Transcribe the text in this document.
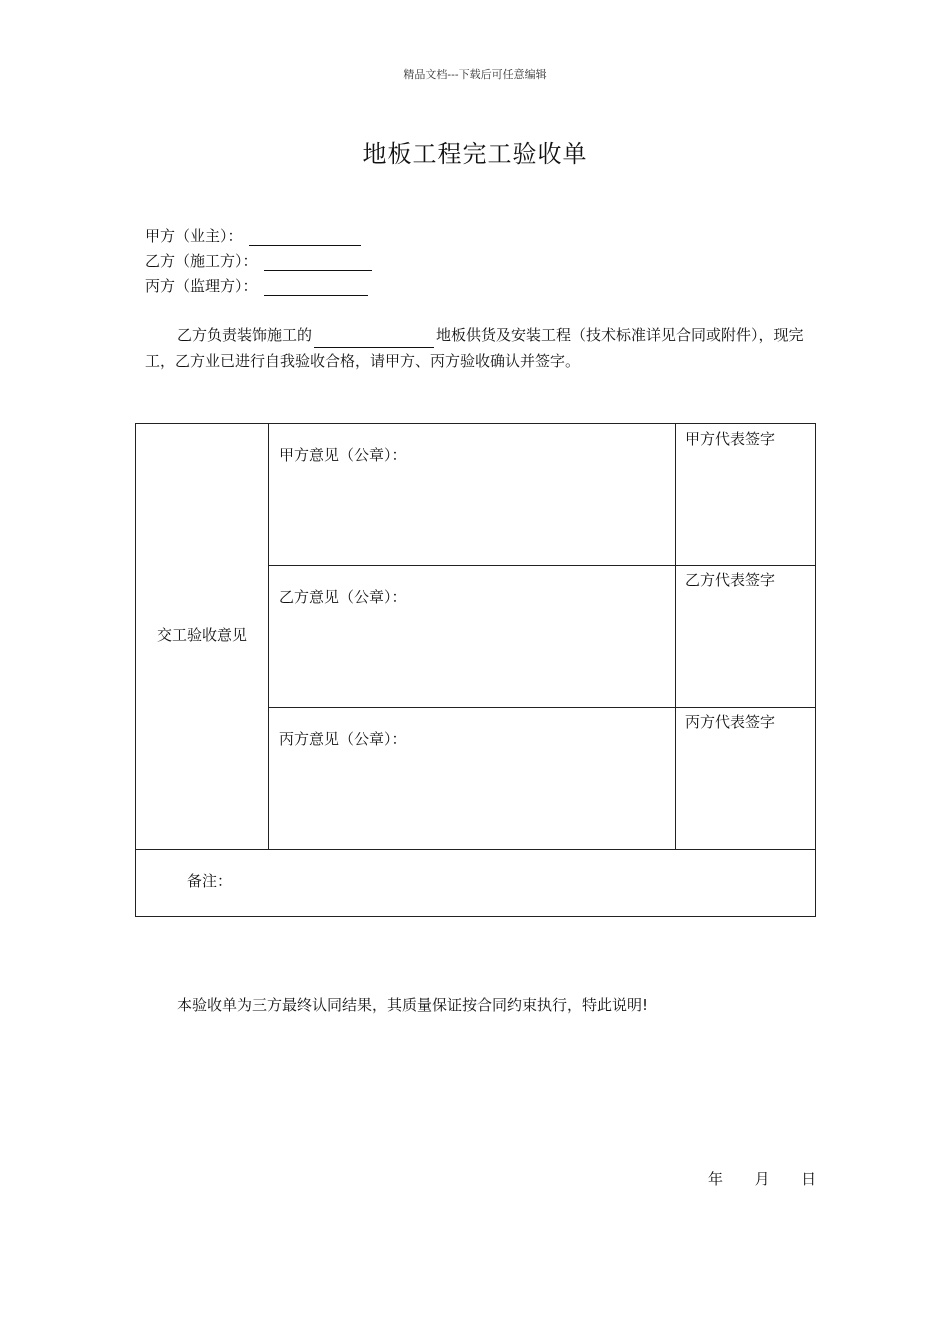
精品文档---下载后可任意编辑
地板工程完工验收单
甲方（业主）：
乙方（施工方）：
丙方（监理方）：
乙方负责装饰施工的	地板供货及安装工程（技术标准详见合同或附件），现完工，乙方业已进行自我验收合格，请甲方、丙方验收确认并签字。
交工验收意见
甲方意见（公章）：
甲方代表签字
乙方意见（公章）：
乙方代表签字
丙方意见（公章）：
丙方代表签字
备注：
本验收单为三方最终认同结果，其质量保证按合同约束执行，特此说明!
年 月 日
